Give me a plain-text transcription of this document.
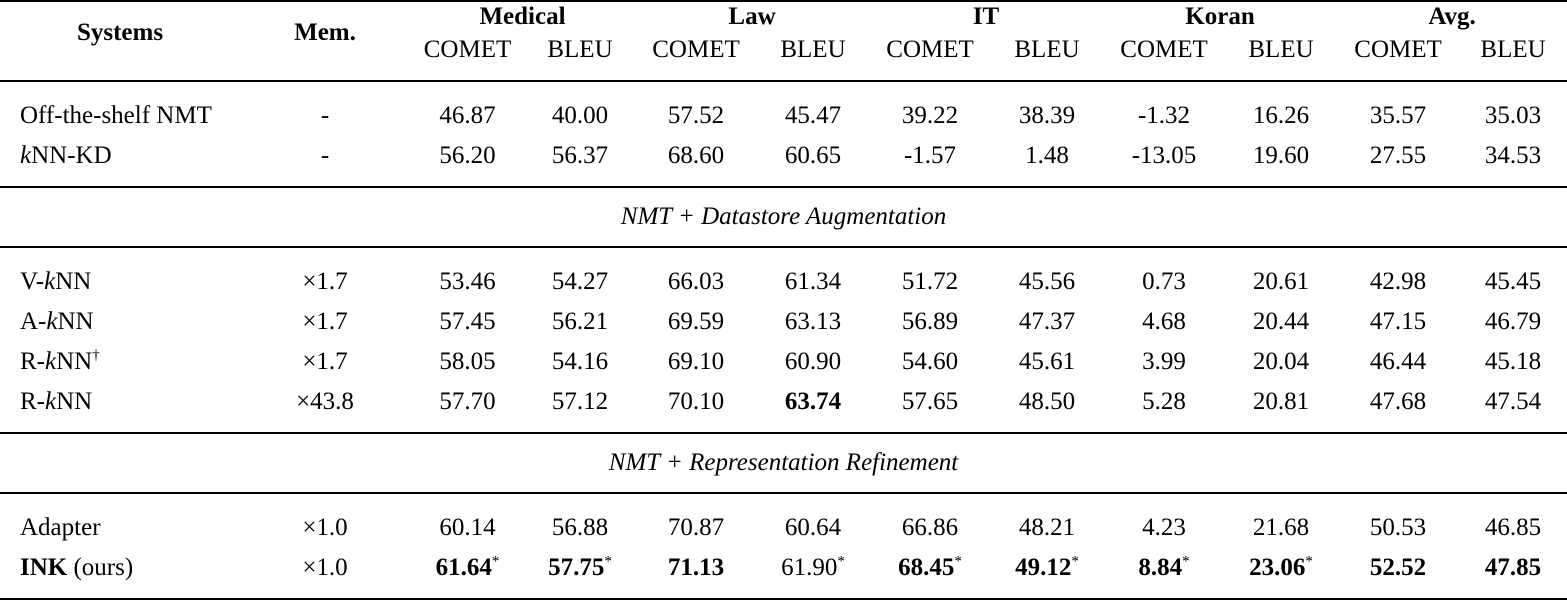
Systems	Mem.	Medical		Law		IT		Koran		Avg.	
		COMET	BLEU	COMET	BLEU	COMET	BLEU	COMET	BLEU	COMET	BLEU
Off-the-shelf NMT	-	46.87	40.00	57.52	45.47	39.22	38.39	-1.32	16.26	35.57	35.03
kNN-KD	-	56.20	56.37	68.60	60.65	-1.57	1.48	-13.05	19.60	27.55	34.53
NMT + Datastore Augmentation											
V-kNN	×1.7	53.46	54.27	66.03	61.34	51.72	45.56	0.73	20.61	42.98	45.45
A-kNN	×1.7	57.45	56.21	69.59	63.13	56.89	47.37	4.68	20.44	47.15	46.79
R-kNN†	×1.7	58.05	54.16	69.10	60.90	54.60	45.61	3.99	20.04	46.44	45.18
R-kNN	×43.8	57.70	57.12	70.10	63.74	57.65	48.50	5.28	20.81	47.68	47.54
NMT + Representation Refinement											
Adapter	×1.0	60.14	56.88	70.87	60.64	66.86	48.21	4.23	21.68	50.53	46.85
INK (ours)	×1.0	61.64*	57.75*	71.13	61.90*	68.45*	49.12*	8.84*	23.06*	52.52	47.85
